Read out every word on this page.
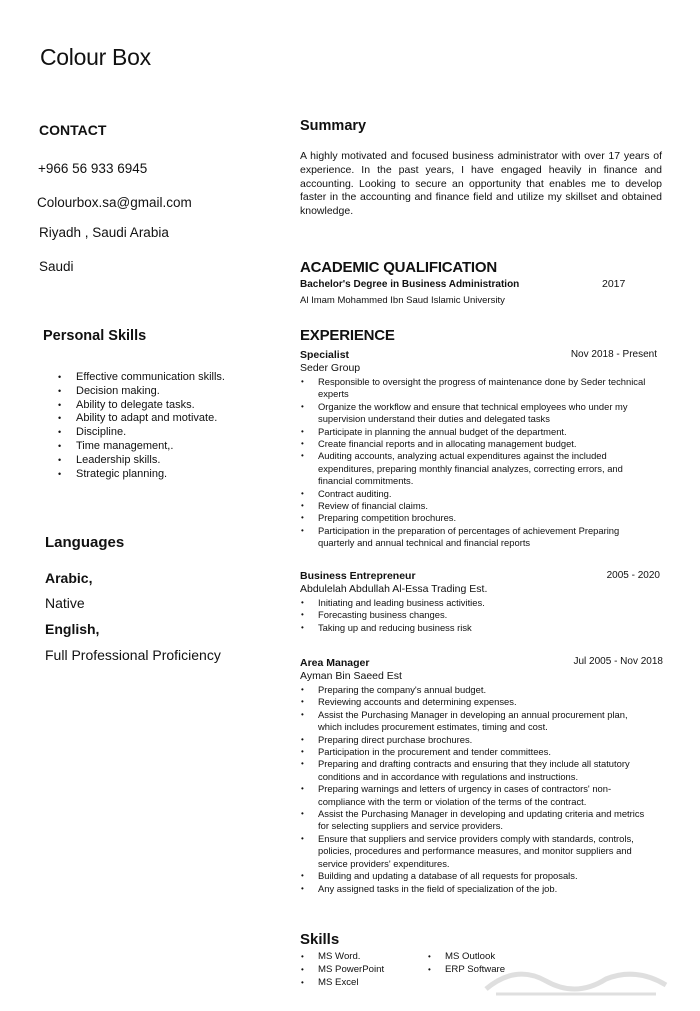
Colour Box
CONTACT
+966 56 933 6945
Colourbox.sa@gmail.com
Riyadh , Saudi Arabia
Saudi
Personal Skills
• Effective communication skills.
• Decision making.
• Ability to delegate tasks.
• Ability to adapt and motivate.
• Discipline.
• Time management,.
• Leadership skills.
• Strategic planning.
Languages
Arabic,
Native
English,
Full Professional Proficiency
Summary
A highly motivated and focused business administrator with over 17 years of experience. In the past years, I have engaged heavily in finance and accounting. Looking to secure an opportunity that enables me to develop faster in the accounting and finance field and utilize my skillset and obtained knowledge.
ACADEMIC QUALIFICATION
Bachelor's Degree in Business Administration	2017
Al Imam Mohammed Ibn Saud Islamic University
EXPERIENCE
Specialist	Nov 2018 - Present
Seder Group
• Responsible to oversight the progress of maintenance done by Seder technical experts
• Organize the workflow and ensure that technical employees who under my supervision understand their duties and delegated tasks
• Participate in planning the annual budget of the department.
• Create financial reports and in allocating management budget.
• Auditing accounts, analyzing actual expenditures against the included expenditures, preparing monthly financial analyzes, correcting errors, and financial commitments.
• Contract auditing.
• Review of financial claims.
• Preparing competition brochures.
• Participation in the preparation of percentages of achievement Preparing quarterly and annual technical and financial reports
Business Entrepreneur	2005 - 2020
Abdulelah Abdullah Al-Essa Trading Est.
• Initiating and leading business activities.
• Forecasting business changes.
• Taking up and reducing business risk
Area Manager	Jul 2005 - Nov 2018
Ayman Bin Saeed Est
• Preparing the company's annual budget.
• Reviewing accounts and determining expenses.
• Assist the Purchasing Manager in developing an annual procurement plan, which includes procurement estimates, timing and cost.
• Preparing direct purchase brochures.
• Participation in the procurement and tender committees.
• Preparing and drafting contracts and ensuring that they include all statutory conditions and in accordance with regulations and instructions.
• Preparing warnings and letters of urgency in cases of contractors' non-compliance with the term or violation of the terms of the contract.
• Assist the Purchasing Manager in developing and updating criteria and metrics for selecting suppliers and service providers.
• Ensure that suppliers and service providers comply with standards, controls, policies, procedures and performance measures, and monitor suppliers and service providers' expenditures.
• Building and updating a database of all requests for proposals.
• Any assigned tasks in the field of specialization of the job.
Skills
• MS Word.
• MS PowerPoint
• MS Excel
• MS Outlook
• ERP Software
